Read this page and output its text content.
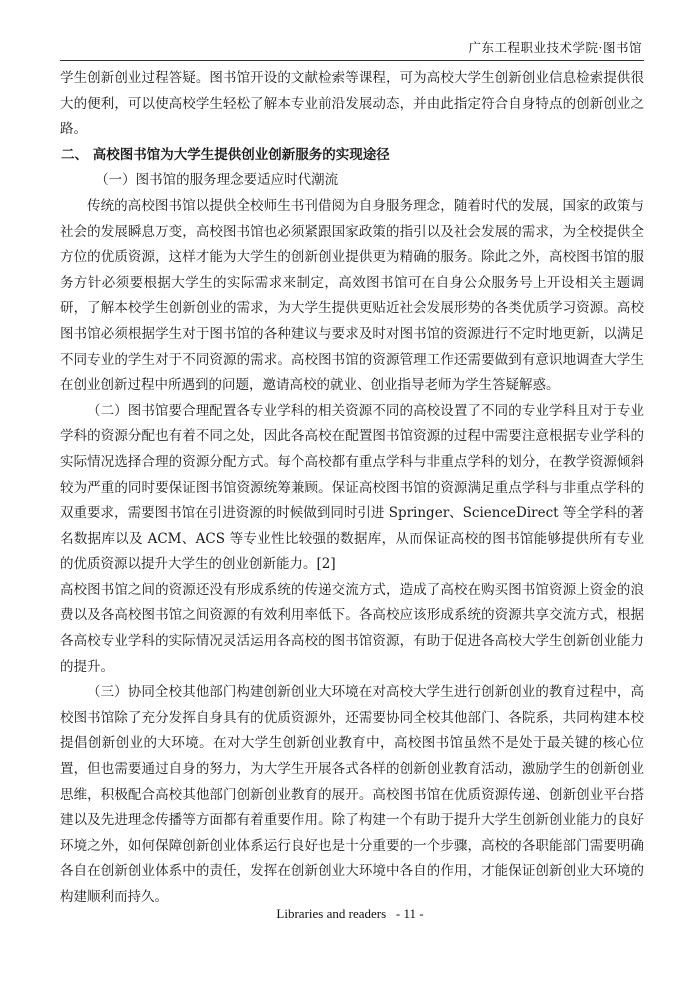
广东工程职业技术学院·图书馆

学生创新创业过程答疑。图书馆开设的文献检索等课程，可为高校大学生创新创业信息检索提供很大的便利，可以使高校学生轻松了解本专业前沿发展动态，并由此指定符合自身特点的创新创业之路。

二、 高校图书馆为大学生提供创业创新服务的实现途径

（一）图书馆的服务理念要适应时代潮流

传统的高校图书馆以提供全校师生书刊借阅为自身服务理念，随着时代的发展，国家的政策与社会的发展瞬息万变，高校图书馆也必须紧跟国家政策的指引以及社会发展的需求，为全校提供全方位的优质资源，这样才能为大学生的创新创业提供更为精确的服务。除此之外，高校图书馆的服务方针必须要根据大学生的实际需求来制定，高效图书馆可在自身公众服务号上开设相关主题调研，了解本校学生创新创业的需求，为大学生提供更贴近社会发展形势的各类优质学习资源。高校图书馆必须根据学生对于图书馆的各种建议与要求及时对图书馆的资源进行不定时地更新，以满足不同专业的学生对于不同资源的需求。高校图书馆的资源管理工作还需要做到有意识地调查大学生在创业创新过程中所遇到的问题，邀请高校的就业、创业指导老师为学生答疑解惑。

（二）图书馆要合理配置各专业学科的相关资源不同的高校设置了不同的专业学科且对于专业学科的资源分配也有着不同之处，因此各高校在配置图书馆资源的过程中需要注意根据专业学科的实际情况选择合理的资源分配方式。每个高校都有重点学科与非重点学科的划分，在教学资源倾斜较为严重的同时要保证图书馆资源统筹兼顾。保证高校图书馆的资源满足重点学科与非重点学科的双重要求，需要图书馆在引进资源的时候做到同时引进 Springer、ScienceDirect 等全学科的著名数据库以及 ACM、ACS 等专业性比较强的数据库，从而保证高校的图书馆能够提供所有专业的优质资源以提升大学生的创业创新能力。[2]

高校图书馆之间的资源还没有形成系统的传递交流方式，造成了高校在购买图书馆资源上资金的浪费以及各高校图书馆之间资源的有效利用率低下。各高校应该形成系统的资源共享交流方式，根据各高校专业学科的实际情况灵活运用各高校的图书馆资源，有助于促进各高校大学生创新创业能力的提升。

（三）协同全校其他部门构建创新创业大环境在对高校大学生进行创新创业的教育过程中，高校图书馆除了充分发挥自身具有的优质资源外，还需要协同全校其他部门、各院系，共同构建本校提倡创新创业的大环境。在对大学生创新创业教育中，高校图书馆虽然不是处于最关键的核心位置，但也需要通过自身的努力，为大学生开展各式各样的创新创业教育活动，激励学生的创新创业思维，积极配合高校其他部门创新创业教育的展开。高校图书馆在优质资源传递、创新创业平台搭建以及先进理念传播等方面都有着重要作用。除了构建一个有助于提升大学生创新创业能力的良好环境之外，如何保障创新创业体系运行良好也是十分重要的一个步骤，高校的各职能部门需要明确各自在创新创业体系中的责任，发挥在创新创业大环境中各自的作用，才能保证创新创业大环境的构建顺利而持久。

Libraries and readers   - 11 -
